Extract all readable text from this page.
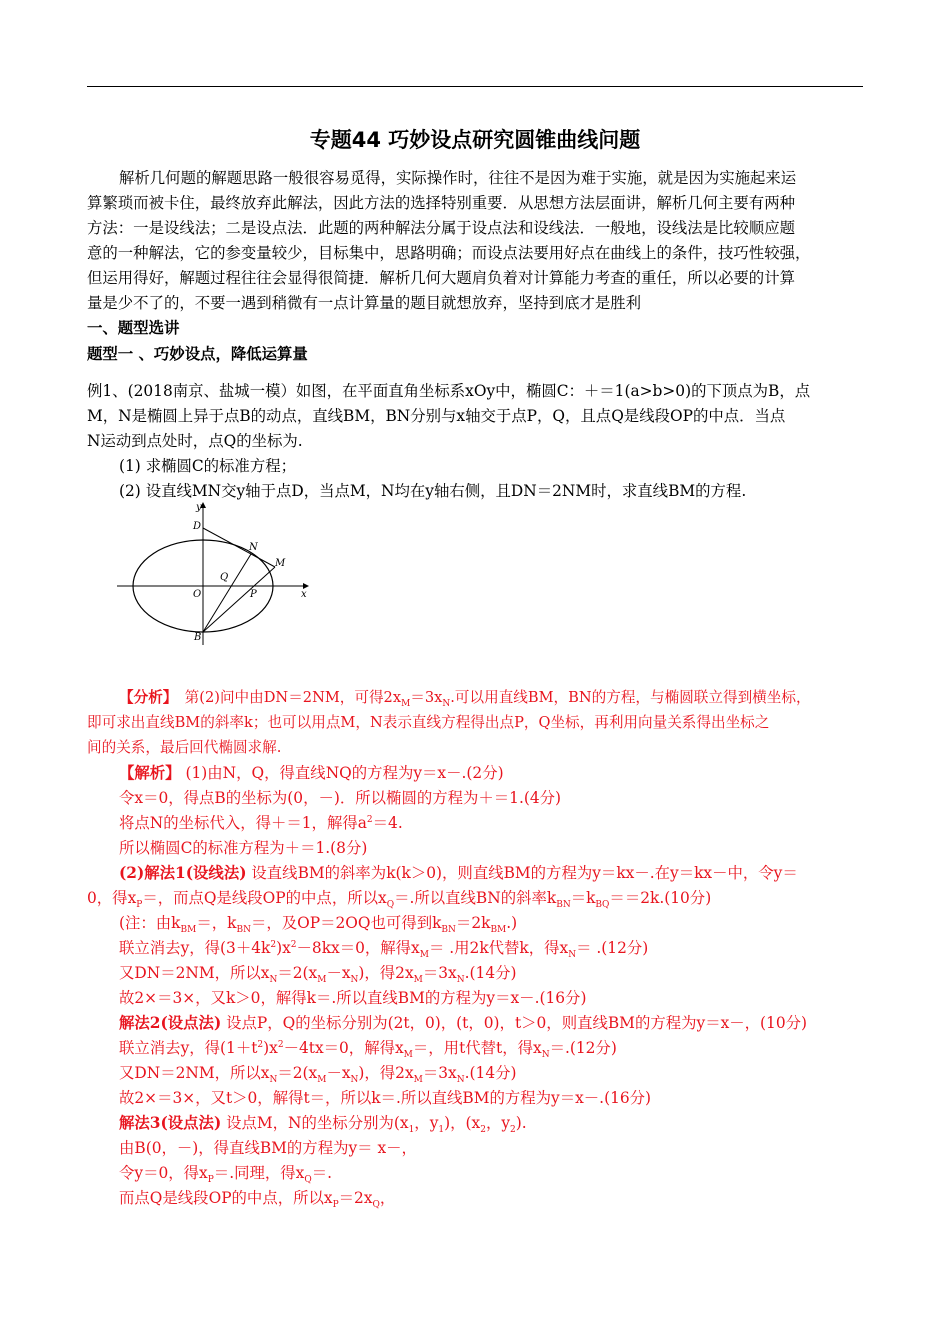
专题44 巧妙设点研究圆锥曲线问题
解析几何题的解题思路一般很容易觅得，实际操作时，往往不是因为难于实施，就是因为实施起来运
算繁琐而被卡住，最终放弃此解法，因此方法的选择特别重要．从思想方法层面讲，解析几何主要有两种
方法：一是设线法；二是设点法．此题的两种解法分属于设点法和设线法．一般地，设线法是比较顺应题
意的一种解法，它的参变量较少，目标集中，思路明确；而设点法要用好点在曲线上的条件，技巧性较强，
但运用得好，解题过程往往会显得很简捷．解析几何大题肩负着对计算能力考查的重任，所以必要的计算
量是少不了的，不要一遇到稍微有一点计算量的题目就想放弃，坚持到底才是胜利
一、题型选讲
题型一 、巧妙设点，降低运算量
例1、(2018南京、盐城一模）如图，在平面直角坐标系xOy中，椭圆C：＋＝1(a>b>0)的下顶点为B，点
M，N是椭圆上异于点B的动点，直线BM，BN分别与x轴交于点P，Q，且点Q是线段OP的中点．当点
N运动到点处时，点Q的坐标为.
(1) 求椭圆C的标准方程；
(2) 设直线MN交y轴于点D，当点M，N均在y轴右侧，且DN＝2NM时，求直线BM的方程.
y
x
D
N
M
Q
O	P
B
【分析】　第(2)问中由DN＝2NM，可得$2x_M=3x_N$.可以用直线BM，BN的方程，与椭圆联立得到横坐标，
即可求出直线BM的斜率k；也可以用点M，N表示直线方程得出点P，Q坐标，再利用向量关系得出坐标之
间的关系，最后回代椭圆求解.
【解析】 (1)由N，Q，得直线NQ的方程为y＝x－.(2分)
令x＝0，得点B的坐标为(0，－)．所以椭圆的方程为＋＝1.(4分)
将点N的坐标代入，得＋＝1，解得$a^2=4$.
所以椭圆C的标准方程为＋＝1.(8分)
(2)解法1(设线法) 设直线BM的斜率为k(k＞0)，则直线BM的方程为y＝kx－.在y＝kx－中，令y＝
0，得$x_P=$，而点Q是线段OP的中点，所以$x_Q=$.所以直线BN的斜率$k_{BN}=k_{BQ}==2k.(10$分)
(注：由$k_{BM}=$，$k_{BN}=$，及OP＝2OQ也可得到$k_{BN}=2k_{BM}$.)
联立消去y，得$(3+4k^2)x^2-8kx=0$，解得$x_M=$ .用2k代替k，得$x_N= .(12$分)
又DN＝2NM，所以$x_N=2(x_M-x_N)$，得$2x_M=3x_N.(14$分)
故2×＝3×，又k＞0，解得k＝.所以直线BM的方程为y＝x－.(16分)
解法2(设点法) 设点P，Q的坐标分别为(2t，0)，(t，0)，t＞0，则直线BM的方程为y＝x－，(10分)
联立消去y，得$(1+t^2)x^2-4tx=0$，解得$x_M=$，用t代替t，得$x_N=.(12$分)
又DN＝2NM，所以$x_N=2(x_M-x_N)$，得$2x_M=3x_N.(14$分)
故2×＝3×，又t＞0，解得t＝，所以k＝.所以直线BM的方程为y＝x－.(16分)
解法3(设点法) 设点M，N的坐标分别为($x_1$，$y_1$)，($x_2$，$y_2$).
由B(0，－)，得直线BM的方程为y＝ x－，
令y＝0，得$x_P=$.同理，得$x_Q=$.
而点Q是线段OP的中点，所以$x_P=2x_Q$，
